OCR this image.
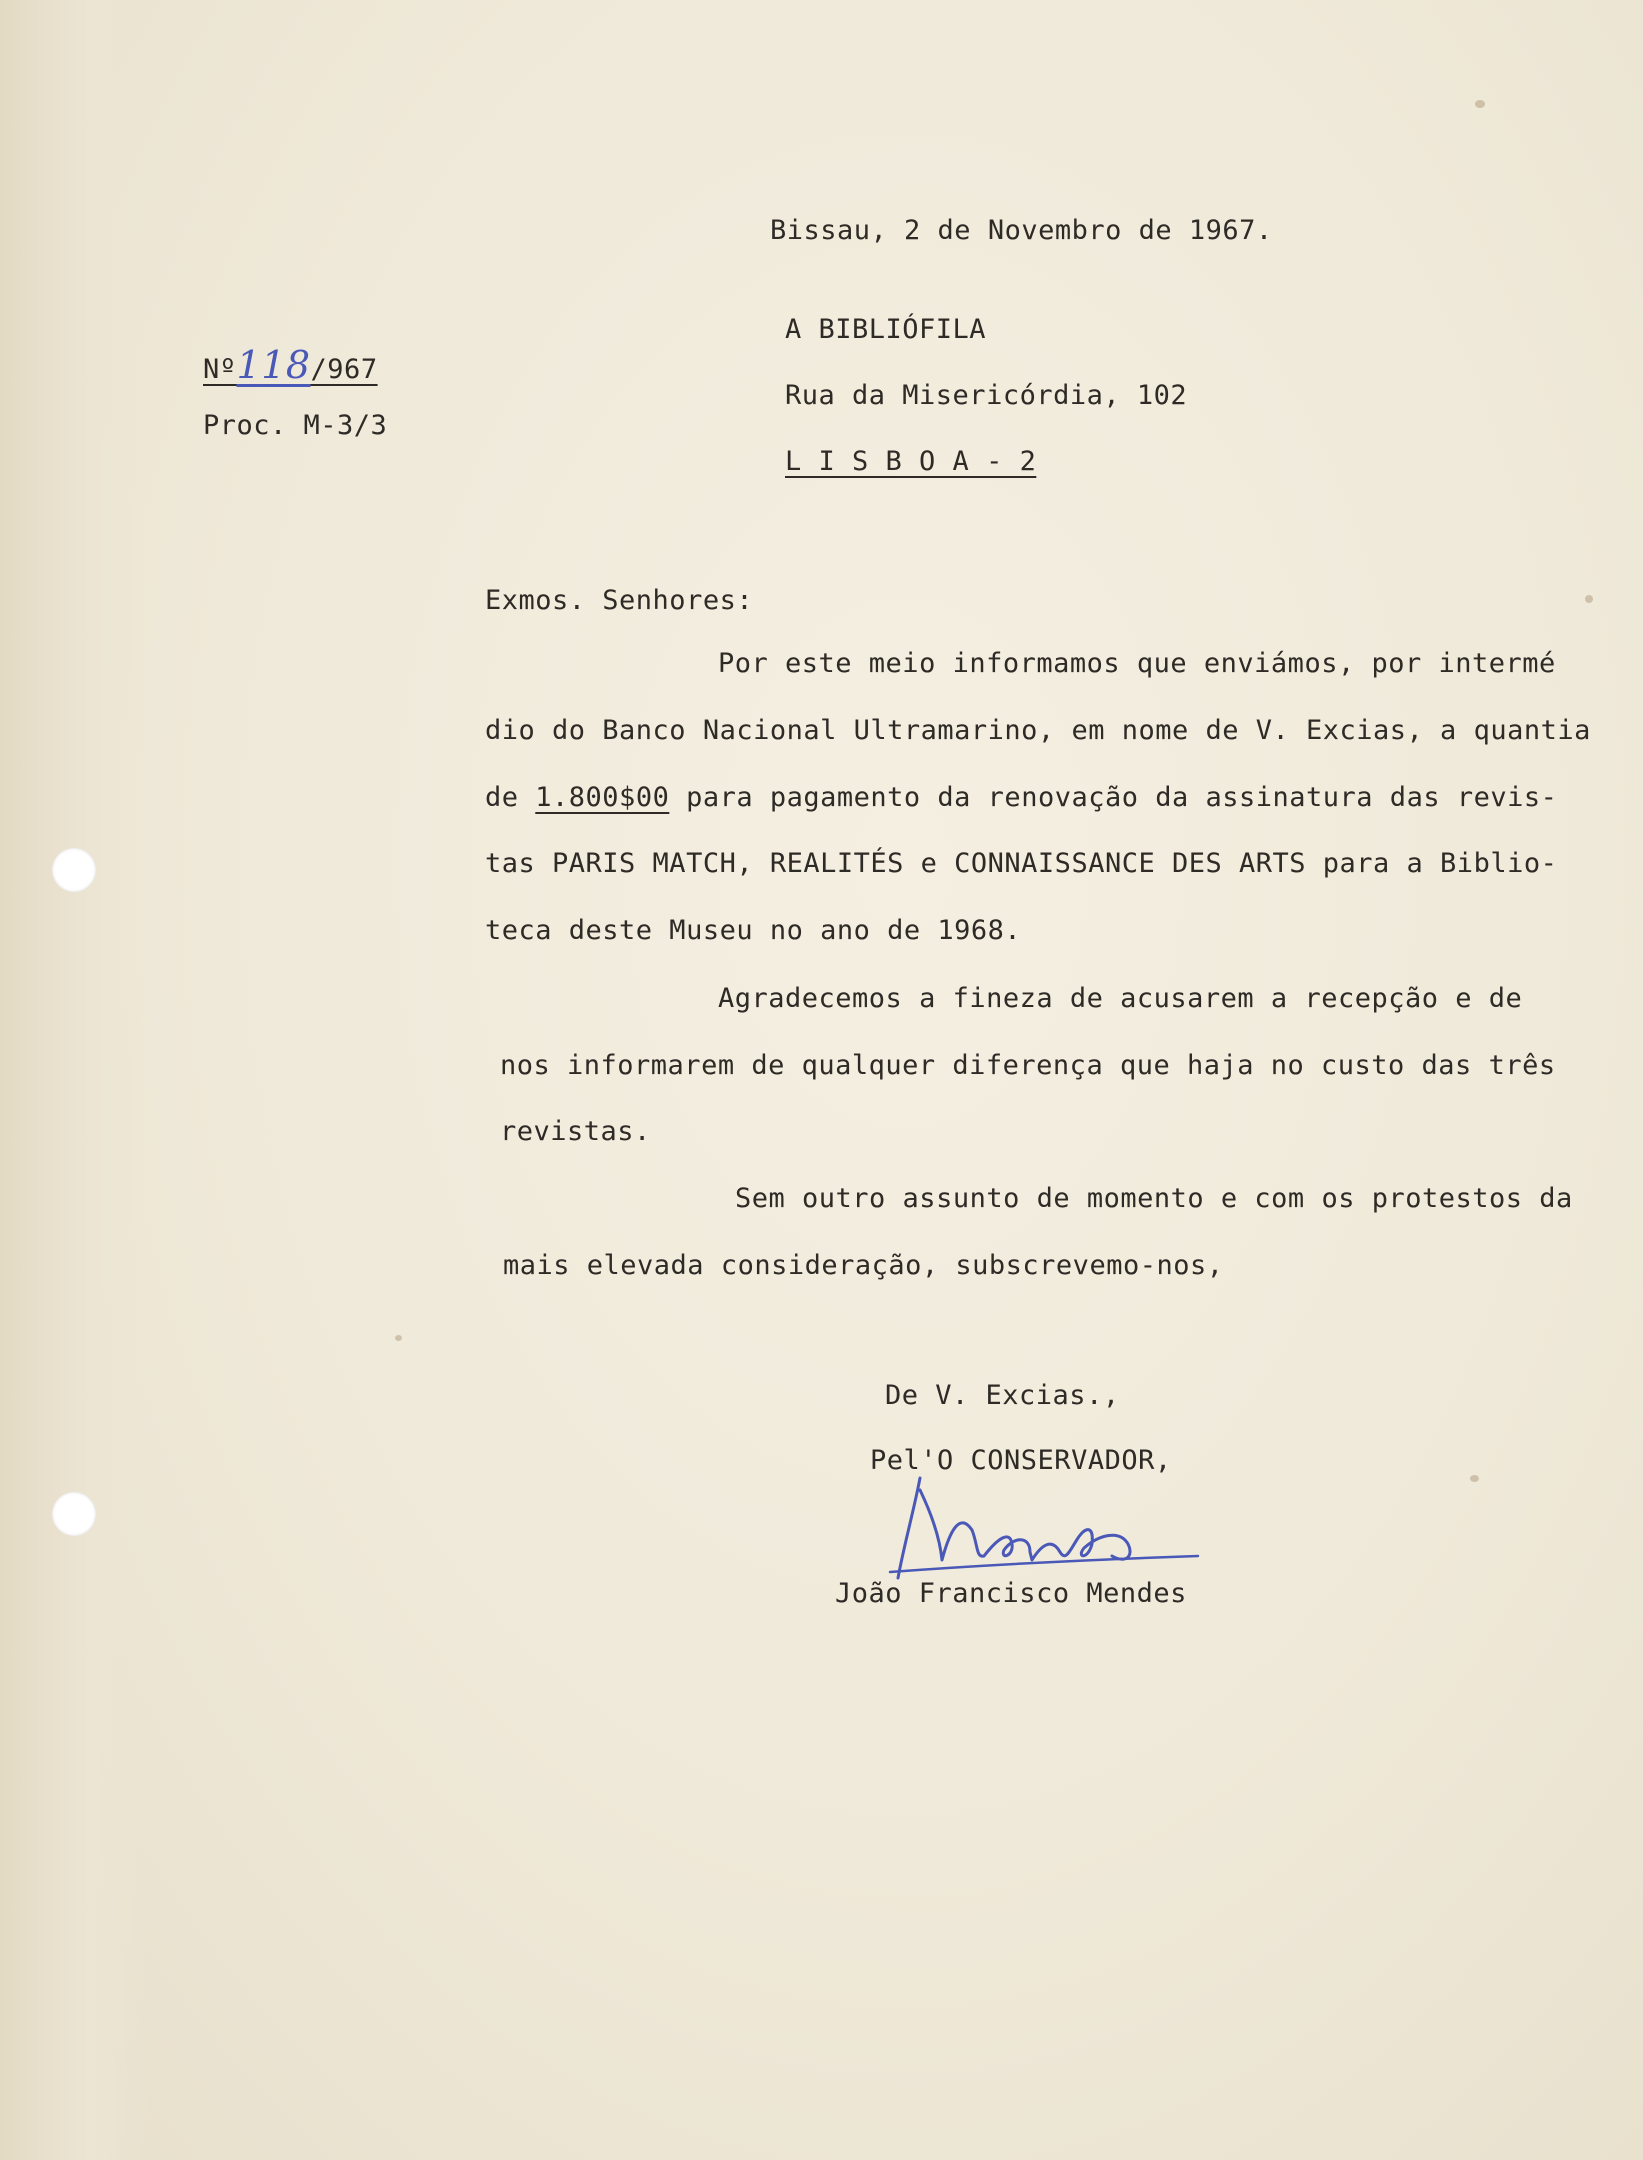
Bissau, 2 de Novembro de 1967.
Nº118/967
Proc. M-3/3
A BIBLIÓFILA
Rua da Misericórdia, 102
L I S B O A - 2
Exmos. Senhores:
Por este meio informamos que enviámos, por intermé
dio do Banco Nacional Ultramarino, em nome de V. Excias, a quantia
de 1.800$00 para pagamento da renovação da assinatura das revis-
tas PARIS MATCH, REALITÉS e CONNAISSANCE DES ARTS para a Biblio-
teca deste Museu no ano de 1968.
Agradecemos a fineza de acusarem a recepção e de
nos informarem de qualquer diferença que haja no custo das três
revistas.
Sem outro assunto de momento e com os protestos da
mais elevada consideração, subscrevemo-nos,
De V. Excias.,
Pel'O CONSERVADOR,
João Francisco Mendes
